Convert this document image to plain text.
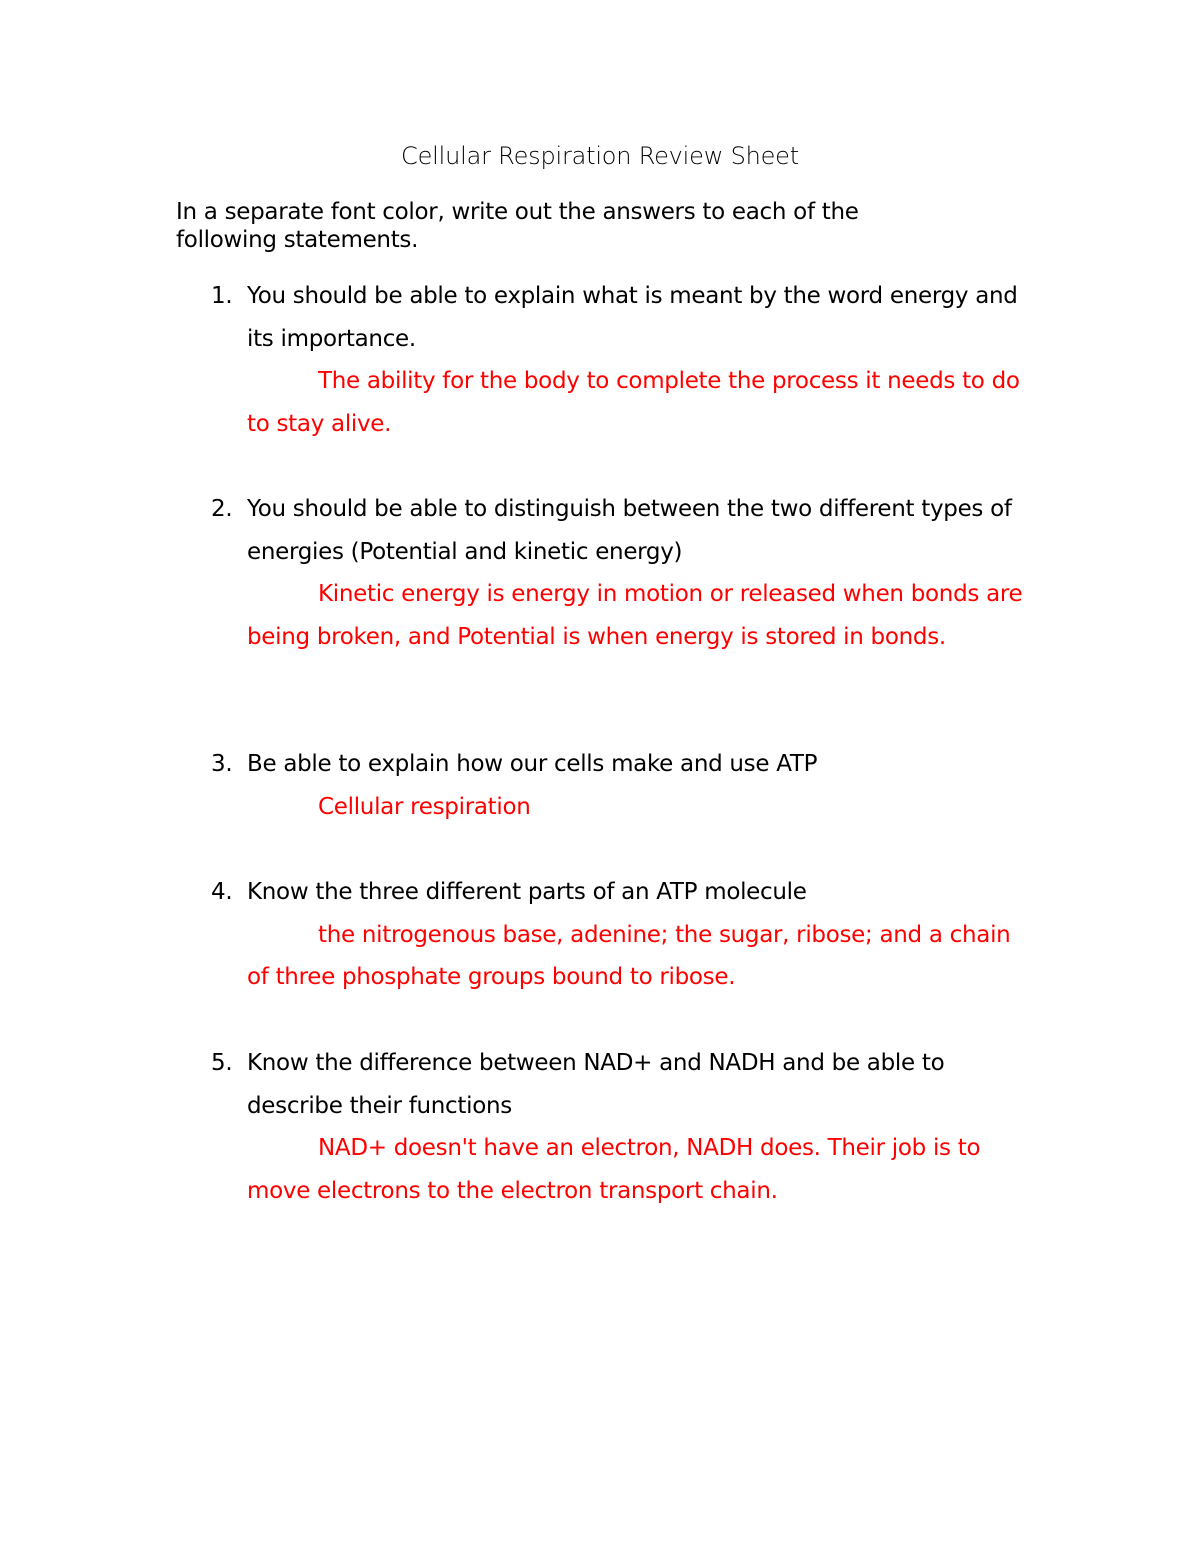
Cellular Respiration Review Sheet
In a separate font color, write out the answers to each of the following statements.
1. You should be able to explain what is meant by the word energy and its importance.
The ability for the body to complete the process it needs to do to stay alive.
2. You should be able to distinguish between the two different types of energies (Potential and kinetic energy)
Kinetic energy is energy in motion or released when bonds are being broken, and Potential is when energy is stored in bonds.
3. Be able to explain how our cells make and use ATP
Cellular respiration
4. Know the three different parts of an ATP molecule
the nitrogenous base, adenine; the sugar, ribose; and a chain of three phosphate groups bound to ribose.
5. Know the difference between NAD+ and NADH and be able to describe their functions
NAD+ doesn't have an electron, NADH does. Their job is to move electrons to the electron transport chain.
